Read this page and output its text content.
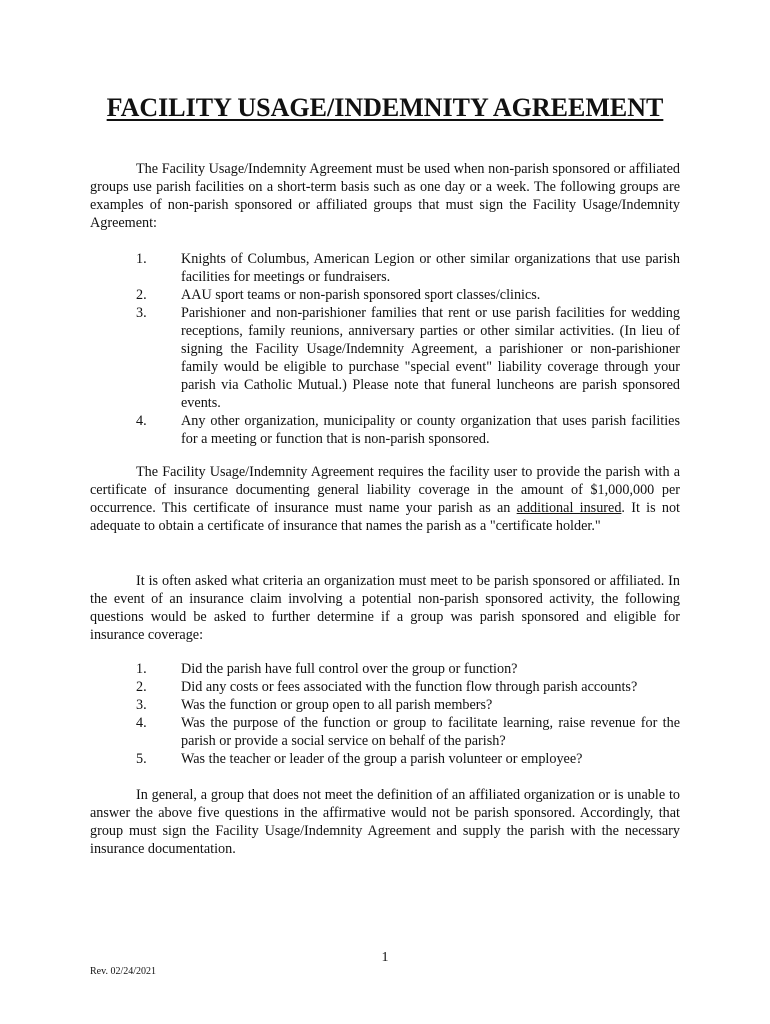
FACILITY USAGE/INDEMNITY AGREEMENT

The Facility Usage/Indemnity Agreement must be used when non-parish sponsored or affiliated groups use parish facilities on a short-term basis such as one day or a week. The following groups are examples of non-parish sponsored or affiliated groups that must sign the Facility Usage/Indemnity Agreement:

1. Knights of Columbus, American Legion or other similar organizations that use parish facilities for meetings or fundraisers.
2. AAU sport teams or non-parish sponsored sport classes/clinics.
3. Parishioner and non-parishioner families that rent or use parish facilities for wedding receptions, family reunions, anniversary parties or other similar activities. (In lieu of signing the Facility Usage/Indemnity Agreement, a parishioner or non-parishioner family would be eligible to purchase "special event" liability coverage through your parish via Catholic Mutual.) Please note that funeral luncheons are parish sponsored events.
4. Any other organization, municipality or county organization that uses parish facilities for a meeting or function that is non-parish sponsored.

The Facility Usage/Indemnity Agreement requires the facility user to provide the parish with a certificate of insurance documenting general liability coverage in the amount of $1,000,000 per occurrence. This certificate of insurance must name your parish as an additional insured. It is not adequate to obtain a certificate of insurance that names the parish as a "certificate holder."

It is often asked what criteria an organization must meet to be parish sponsored or affiliated. In the event of an insurance claim involving a potential non-parish sponsored activity, the following questions would be asked to further determine if a group was parish sponsored and eligible for insurance coverage:

1. Did the parish have full control over the group or function?
2. Did any costs or fees associated with the function flow through parish accounts?
3. Was the function or group open to all parish members?
4. Was the purpose of the function or group to facilitate learning, raise revenue for the parish or provide a social service on behalf of the parish?
5. Was the teacher or leader of the group a parish volunteer or employee?

In general, a group that does not meet the definition of an affiliated organization or is unable to answer the above five questions in the affirmative would not be parish sponsored. Accordingly, that group must sign the Facility Usage/Indemnity Agreement and supply the parish with the necessary insurance documentation.

1
Rev. 02/24/2021
